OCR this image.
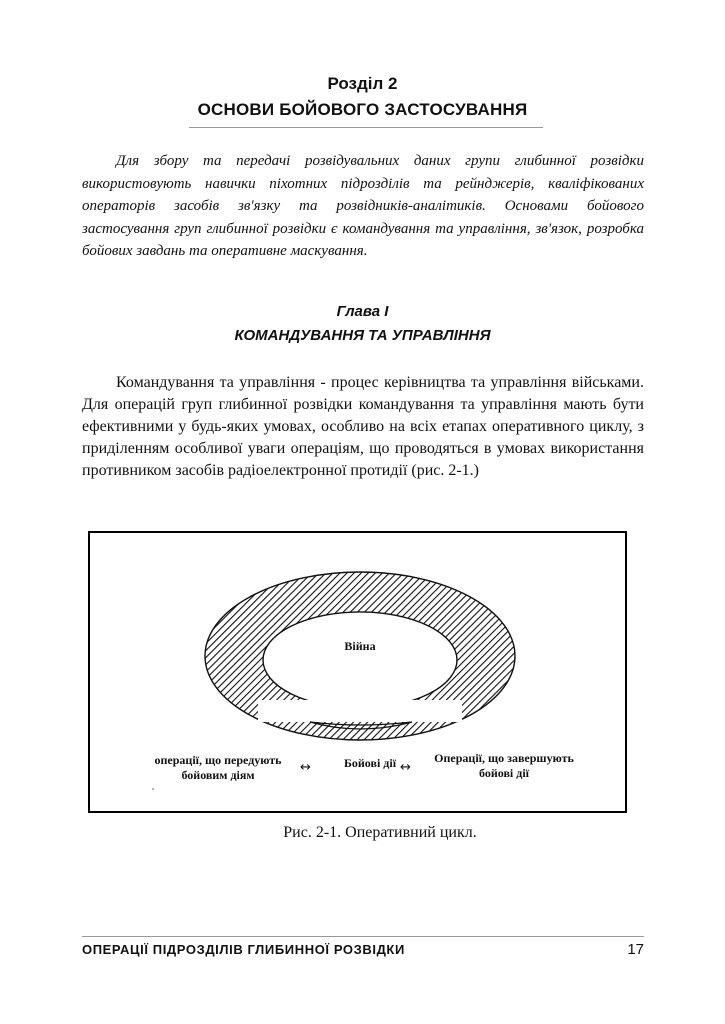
Розділ 2
ОСНОВИ БОЙОВОГО ЗАСТОСУВАННЯ

Для збору та передачі розвідувальних даних групи глибинної розвідки використовують навички піхотних підрозділів та рейнджерів, кваліфікованих операторів засобів зв'язку та розвідників-аналітиків. Основами бойового застосування груп глибинної розвідки є командування та управління, зв'язок, розробка бойових завдань та оперативне маскування.

Глава І
КОМАНДУВАННЯ ТА УПРАВЛІННЯ

Командування та управління - процес керівництва та управління військами. Для операцій груп глибинної розвідки командування та управління мають бути ефективними у будь-яких умовах, особливо на всіх етапах оперативного циклу, з приділенням особливої уваги операціям, що проводяться в умовах використання противником засобів радіоелектронної протидії (рис. 2-1.)

Війна
операції, що передують бойовим діям
Бойові дії	Операції, що завершують бойові дії
↔	↔
Рис. 2-1. Оперативний цикл.
ОПЕРАЦІЇ ПІДРОЗДІЛІВ ГЛИБИННОЇ РОЗВІДКИ	17
